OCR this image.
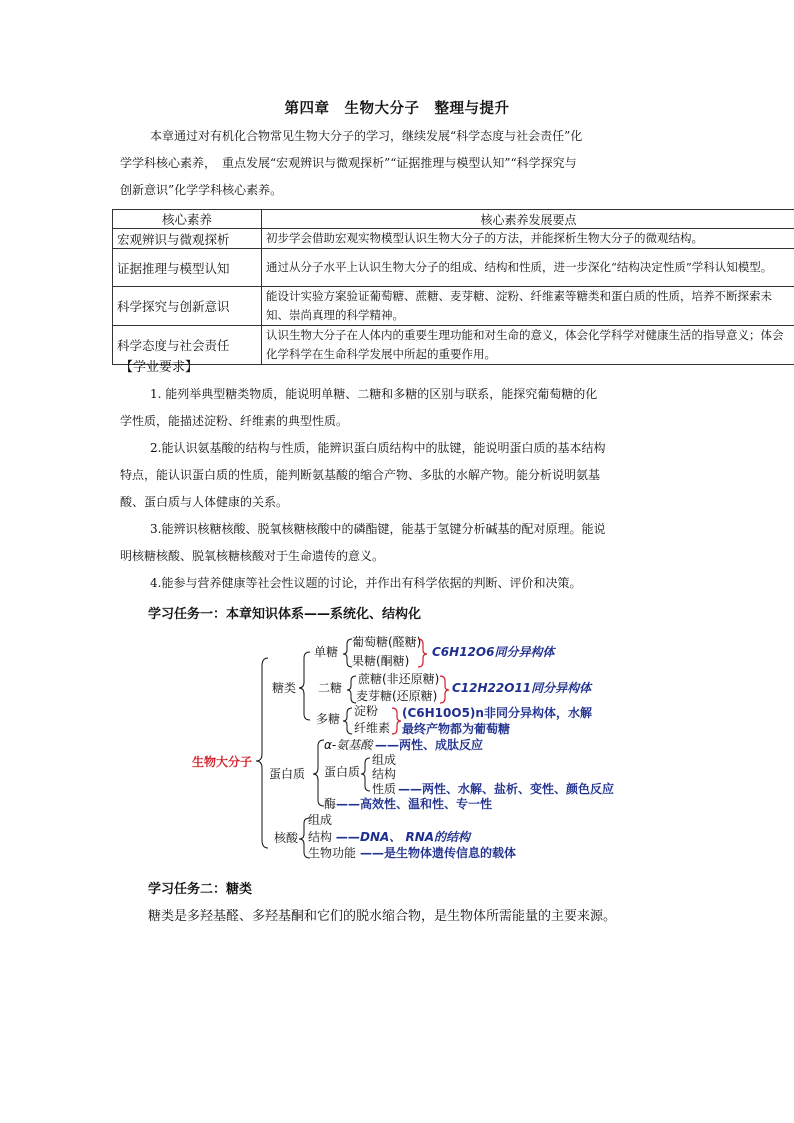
第四章　生物大分子　整理与提升
本章通过对有机化合物常见生物大分子的学习，继续发展“科学态度与社会责任”化
学学科核心素养，　重点发展“宏观辨识与微观探析”“证据推理与模型认知”“科学探究与
创新意识”化学学科核心素养。
核心素养	核心素养发展要点
宏观辨识与微观探析	初步学会借助宏观实物模型认识生物大分子的方法，并能探析生物大分子的微观结构。
证据推理与模型认知	通过从分子水平上认识生物大分子的组成、结构和性质，进一步深化“结构决定性质”学科认知模型。
科学探究与创新意识	能设计实验方案验证葡萄糖、蔗糖、麦芽糖、淀粉、纤维素等糖类和蛋白质的性质，培养不断探索未知、崇尚真理的科学精神。
科学态度与社会责任	认识生物大分子在人体内的重要生理功能和对生命的意义，体会化学科学对健康生活的指导意义；体会化学科学在生命科学发展中所起的重要作用。
【学业要求】
1. 能列举典型糖类物质，能说明单糖、二糖和多糖的区别与联系，能探究葡萄糖的化
学性质，能描述淀粉、纤维素的典型性质。
2.能认识氨基酸的结构与性质，能辨识蛋白质结构中的肽键，能说明蛋白质的基本结构
特点，能认识蛋白质的性质，能判断氨基酸的缩合产物、多肽的水解产物。能分析说明氨基
酸、蛋白质与人体健康的关系。
3.能辨识核糖核酸、脱氧核糖核酸中的磷酯键，能基于氢键分析碱基的配对原理。能说
明核糖核酸、脱氧核糖核酸对于生命遗传的意义。
4.能参与营养健康等社会性议题的讨论，并作出有科学依据的判断、评价和决策。
学习任务一：本章知识体系——系统化、结构化
生物大分子
糖类
单糖
葡萄糖(醛糖)
果糖(酮糖)
C6H12O6同分异构体
二糖
蔗糖(非还原糖)
麦芽糖(还原糖)
C12H22O11同分异构体
多糖
淀粉
纤维素
(C6H10O5)n非同分异构体，水解
最终产物都为葡萄糖
蛋白质
α-氨基酸 ——两性、成肽反应
蛋白质
组成
结构
性质 ——两性、水解、盐析、变性、颜色反应
酶 ——高效性、温和性、专一性
核酸
组成
结构 ——DNA、 RNA的结构
生物功能 ——是生物体遗传信息的载体
学习任务二：糖类
糖类是多羟基醛、多羟基酮和它们的脱水缩合物，是生物体所需能量的主要来源。
